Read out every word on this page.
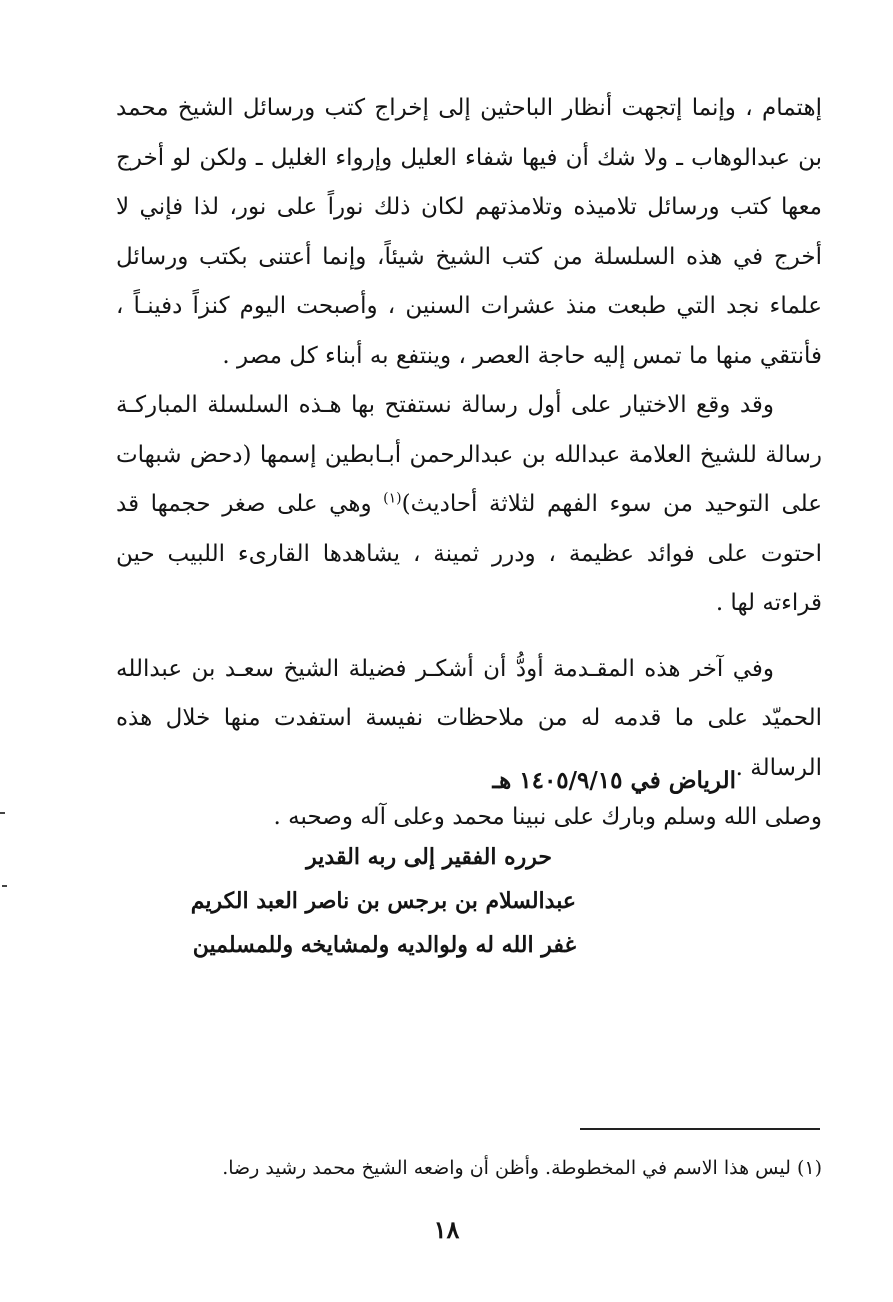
إهتمام ، وإنما إتجهت أنظار الباحثين إلى إخراج كتب ورسائل الشيخ محمد بن عبدالوهاب ـ ولا شك أن فيها شفاء العليل وإرواء الغليل ـ ولكن لو أخرج معها كتب ورسائل تلاميذه وتلامذتهم لكان ذلك نوراً على نور، لذا فإني لا أخرج في هذه السلسلة من كتب الشيخ شيئاً، وإنما أعتنى بكتب ورسائل علماء نجد التي طبعت منذ عشرات السنين ، وأصبحت اليوم كنزاً دفينـاً ، فأنتقي منها ما تمس إليه حاجة العصر ، وينتفع به أبناء كل مصر .

وقد وقع الاختيار على أول رسالة نستفتح بها هـذه السلسلة المباركـة رسالة للشيخ العلامة عبدالله بن عبدالرحمن أبـابطين إسمها (دحض شبهات على التوحيد من سوء الفهم لثلاثة أحاديث)$^{(١)}$ وهي على صغر حجمها قد احتوت على فوائد عظيمة ، ودرر ثمينة ، يشاهدها القارىء اللبيب حين قراءته لها .

وفي آخر هذه المقـدمة أودُّ أن أشكـر فضيلة الشيخ سعـد بن عبدالله الحميّد على ما قدمه له من ملاحظات نفيسة استفدت منها خلال هذه الرسالة .

وصلى الله وسلم وبارك على نبينا محمد وعلى آله وصحبه .

الرياض في ١٤٠٥/٩/١٥ هـ
حرره الفقير إلى ربه القدير
عبدالسلام بن برجس بن ناصر العبد الكريم
غفر الله له ولوالديه ولمشايخه وللمسلمين
(١) ليس هذا الاسم في المخطوطة. وأظن أن واضعه الشيخ محمد رشيد رضا.
١٨
